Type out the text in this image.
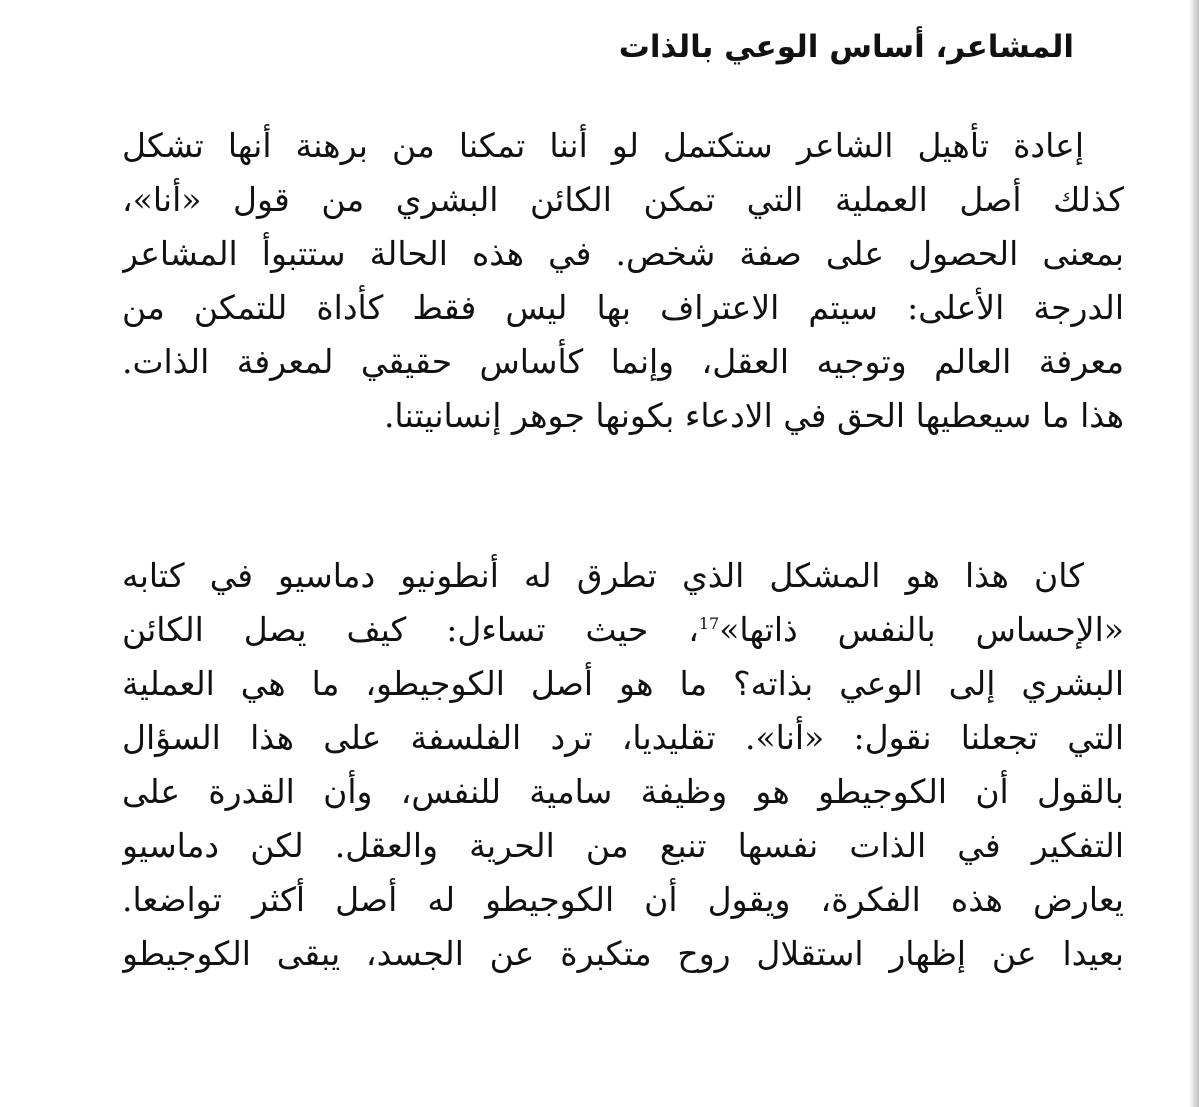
المشاعر، أساس الوعي بالذات
إعادة تأهيل الشاعر ستكتمل لو أننا تمكنا من برهنة أنها تشكل
كذلك أصل العملية التي تمكن الكائن البشري من قول «أنا»،
بمعنى الحصول على صفة شخص. في هذه الحالة ستتبوأ المشاعر
الدرجة الأعلى: سيتم الاعتراف بها ليس فقط كأداة للتمكن من
معرفة العالم وتوجيه العقل، وإنما كأساس حقيقي لمعرفة الذات.
هذا ما سيعطيها الحق في الادعاء بكونها جوهر إنسانيتنا.
كان هذا هو المشكل الذي تطرق له أنطونيو دماسيو في كتابه
«الإحساس بالنفس ذاتها»$^{17}$، حيث تساءل: كيف يصل الكائن
البشري إلى الوعي بذاته؟ ما هو أصل الكوجيطو، ما هي العملية
التي تجعلنا نقول: «أنا». تقليديا، ترد الفلسفة على هذا السؤال
بالقول أن الكوجيطو هو وظيفة سامية للنفس، وأن القدرة على
التفكير في الذات نفسها تنبع من الحرية والعقل. لكن دماسيو
يعارض هذه الفكرة، ويقول أن الكوجيطو له أصل أكثر تواضعا.
بعيدا عن إظهار استقلال روح متكبرة عن الجسد، يبقى الكوجيطو
